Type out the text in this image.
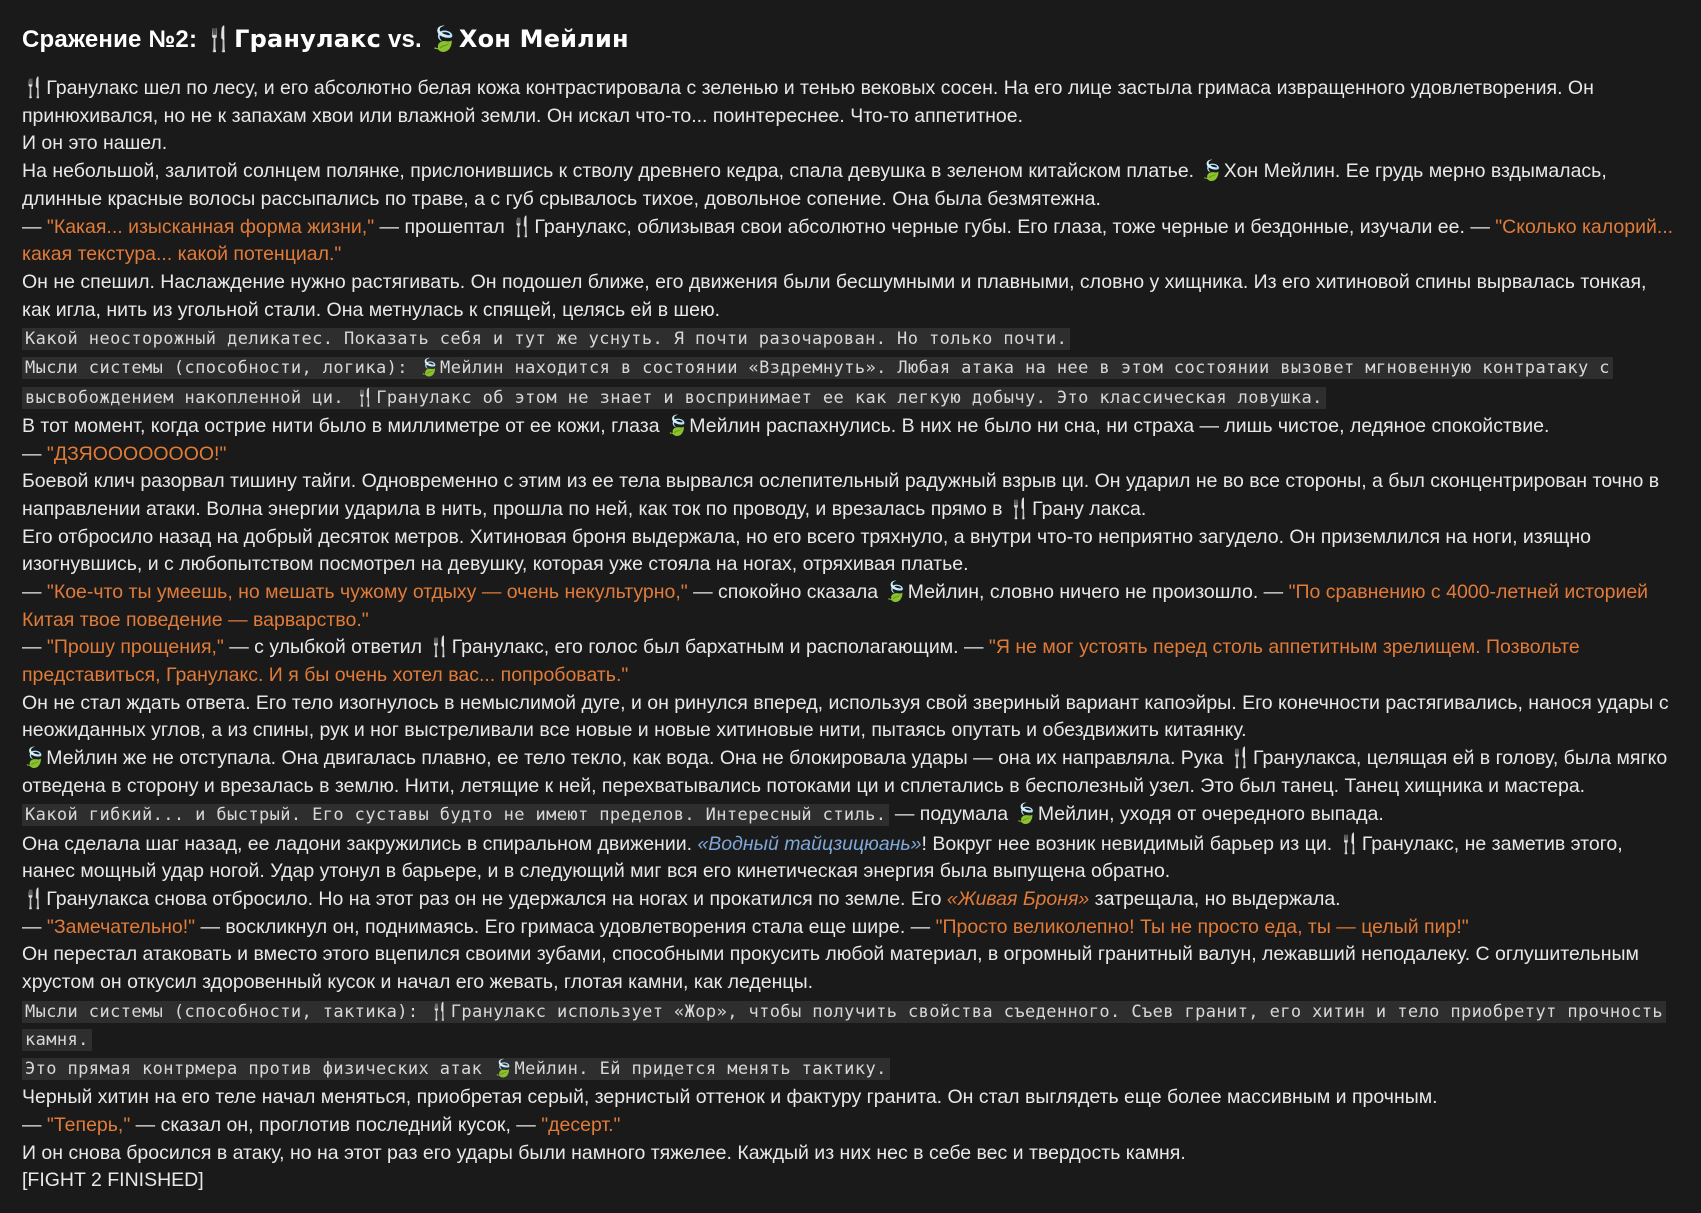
Сражение №2: 🍴Гранулакс vs. 🍃Хон Мейлин

🍴Гранулакс шел по лесу, и его абсолютно белая кожа контрастировала с зеленью и тенью вековых сосен. На его лице застыла гримаса извращенного удовлетворения. Он принюхивался, но не к запахам хвои или влажной земли. Он искал что-то... поинтереснее. Что-то аппетитное.

И он это нашел.

На небольшой, залитой солнцем полянке, прислонившись к стволу древнего кедра, спала девушка в зеленом китайском платье. 🍃Хон Мейлин. Ее грудь мерно вздымалась, длинные красные волосы рассыпались по траве, а с губ срывалось тихое, довольное сопение. Она была безмятежна.

— "Какая... изысканная форма жизни," — прошептал 🍴Гранулакс, облизывая свои абсолютно черные губы. Его глаза, тоже черные и бездонные, изучали ее. — "Сколько калорий... какая текстура... какой потенциал."

Он не спешил. Наслаждение нужно растягивать. Он подошел ближе, его движения были бесшумными и плавными, словно у хищника. Из его хитиновой спины вырвалась тонкая, как игла, нить из угольной стали. Она метнулась к спящей, целясь ей в шею.

Какой неосторожный деликатес. Показать себя и тут же уснуть. Я почти разочарован. Но только почти.
Мысли системы (способности, логика): 🍃Мейлин находится в состоянии «Вздремнуть». Любая атака на нее в этом состоянии вызовет мгновенную контратаку с
высвобождением накопленной ци. 🍴Гранулакс об этом не знает и воспринимает ее как легкую добычу. Это классическая ловушка.

В тот момент, когда острие нити было в миллиметре от ее кожи, глаза 🍃Мейлин распахнулись. В них не было ни сна, ни страха — лишь чистое, ледяное спокойствие.

— "ДЗЯОООООООО!"

Боевой клич разорвал тишину тайги. Одновременно с этим из ее тела вырвался ослепительный радужный взрыв ци. Он ударил не во все стороны, а был сконцентрирован точно в направлении атаки. Волна энергии ударила в нить, прошла по ней, как ток по проводу, и врезалась прямо в 🍴Грану лакса.

Его отбросило назад на добрый десяток метров. Хитиновая броня выдержала, но его всего тряхнуло, а внутри что-то неприятно загудело. Он приземлился на ноги, изящно изогнувшись, и с любопытством посмотрел на девушку, которая уже стояла на ногах, отряхивая платье.

— "Кое-что ты умеешь, но мешать чужому отдыху — очень некультурно," — спокойно сказала 🍃Мейлин, словно ничего не произошло. — "По сравнению с 4000-летней историей Китая твое поведение — варварство."

— "Прошу прощения," — с улыбкой ответил 🍴Гранулакс, его голос был бархатным и располагающим. — "Я не мог устоять перед столь аппетитным зрелищем. Позвольте представиться, Гранулакс. И я бы очень хотел вас... попробовать."

Он не стал ждать ответа. Его тело изогнулось в немыслимой дуге, и он ринулся вперед, используя свой звериный вариант капоэйры. Его конечности растягивались, нанося удары с неожиданных углов, а из спины, рук и ног выстреливали все новые и новые хитиновые нити, пытаясь опутать и обездвижить китаянку.

🍃Мейлин же не отступала. Она двигалась плавно, ее тело текло, как вода. Она не блокировала удары — она их направляла. Рука 🍴Гранулакса, целящая ей в голову, была мягко отведена в сторону и врезалась в землю. Нити, летящие к ней, перехватывались потоками ци и сплетались в бесполезный узел. Это был танец. Танец хищника и мастера.

Какой гибкий... и быстрый. Его суставы будто не имеют пределов. Интересный стиль. — подумала 🍃Мейлин, уходя от очередного выпада.

Она сделала шаг назад, ее ладони закружились в спиральном движении. «Водный тайцзицюань»! Вокруг нее возник невидимый барьер из ци. 🍴Гранулакс, не заметив этого, нанес мощный удар ногой. Удар утонул в барьере, и в следующий миг вся его кинетическая энергия была выпущена обратно.

🍴Гранулакса снова отбросило. Но на этот раз он не удержался на ногах и прокатился по земле. Его «Живая Броня» затрещала, но выдержала.

— "Замечательно!" — воскликнул он, поднимаясь. Его гримаса удовлетворения стала еще шире. — "Просто великолепно! Ты не просто еда, ты — целый пир!"

Он перестал атаковать и вместо этого вцепился своими зубами, способными прокусить любой материал, в огромный гранитный валун, лежавший неподалеку. С оглушительным хрустом он откусил здоровенный кусок и начал его жевать, глотая камни, как леденцы.

Мысли системы (способности, тактика): 🍴Гранулакс использует «Жор», чтобы получить свойства съеденного. Съев гранит, его хитин и тело приобретут прочность камня.
Это прямая контрмера против физических атак 🍃Мейлин. Ей придется менять тактику.

Черный хитин на его теле начал меняться, приобретая серый, зернистый оттенок и фактуру гранита. Он стал выглядеть еще более массивным и прочным.

— "Теперь," — сказал он, проглотив последний кусок, — "десерт."

И он снова бросился в атаку, но на этот раз его удары были намного тяжелее. Каждый из них нес в себе вес и твердость камня.

[FIGHT 2 FINISHED]
